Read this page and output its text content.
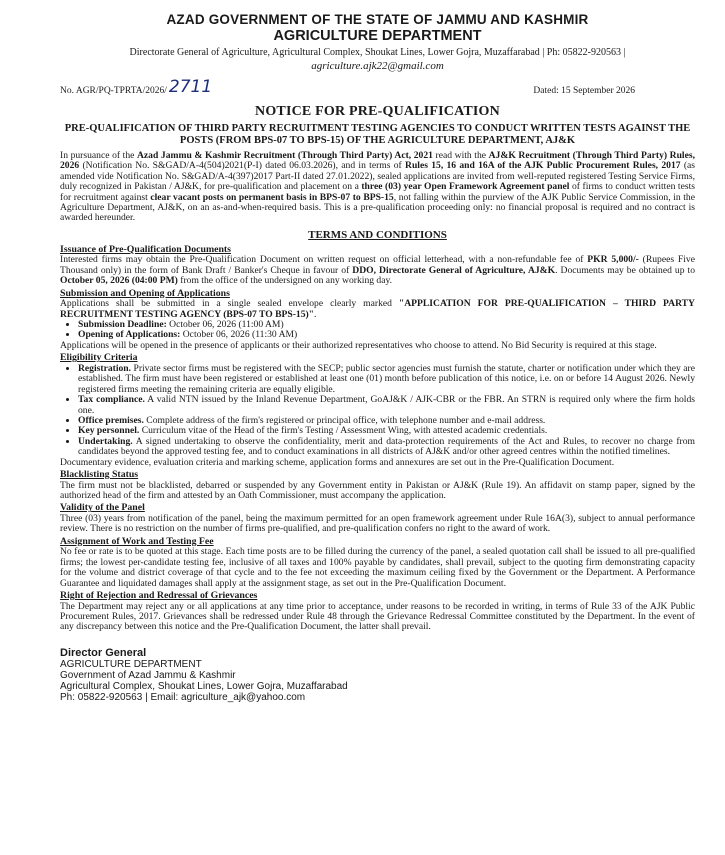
AZAD GOVERNMENT OF THE STATE OF JAMMU AND KASHMIR
AGRICULTURE DEPARTMENT
Directorate General of Agriculture, Agricultural Complex, Shoukat Lines, Lower Gojra, Muzaffarabad | Ph: 05822-920563 |
agriculture.ajk22@gmail.com
No. AGR/PQ-TPRTA/2026/ 2711	Dated: 15 September 2026
NOTICE FOR PRE-QUALIFICATION
PRE-QUALIFICATION OF THIRD PARTY RECRUITMENT TESTING AGENCIES TO CONDUCT WRITTEN TESTS AGAINST THE POSTS (FROM BPS-07 TO BPS-15) OF THE AGRICULTURE DEPARTMENT, AJ&K

In pursuance of the Azad Jammu & Kashmir Recruitment (Through Third Party) Act, 2021 read with the AJ&K Recruitment (Through Third Party) Rules, 2026 (Notification No. S&GAD/A-4(504)2021(P-I) dated 06.03.2026), and in terms of Rules 15, 16 and 16A of the AJK Public Procurement Rules, 2017 (as amended vide Notification No. S&GAD/A-4(397)2017 Part-II dated 27.01.2022), sealed applications are invited from well-reputed registered Testing Service Firms, duly recognized in Pakistan / AJ&K, for pre-qualification and placement on a three (03) year Open Framework Agreement panel of firms to conduct written tests for recruitment against clear vacant posts on permanent basis in BPS-07 to BPS-15, not falling within the purview of the AJK Public Service Commission, in the Agriculture Department, AJ&K, on an as-and-when-required basis. This is a pre-qualification proceeding only: no financial proposal is required and no contract is awarded hereunder.

TERMS AND CONDITIONS
Issuance of Pre-Qualification Documents

Interested firms may obtain the Pre-Qualification Document on written request on official letterhead, with a non-refundable fee of PKR 5,000/- (Rupees Five Thousand only) in the form of Bank Draft / Banker's Cheque in favour of DDO, Directorate General of Agriculture, AJ&K. Documents may be obtained up to October 05, 2026 (04:00 PM) from the office of the undersigned on any working day.

Submission and Opening of Applications

Applications shall be submitted in a single sealed envelope clearly marked "APPLICATION FOR PRE-QUALIFICATION – THIRD PARTY RECRUITMENT TESTING AGENCY (BPS-07 TO BPS-15)".

• Submission Deadline: October 06, 2026 (11:00 AM)
• Opening of Applications: October 06, 2026 (11:30 AM)

Applications will be opened in the presence of applicants or their authorized representatives who choose to attend. No Bid Security is required at this stage.

Eligibility Criteria
• Registration. Private sector firms must be registered with the SECP; public sector agencies must furnish the statute, charter or notification under which they are established. The firm must have been registered or established at least one (01) month before publication of this notice, i.e. on or before 14 August 2026. Newly registered firms meeting the remaining criteria are equally eligible.
• Tax compliance. A valid NTN issued by the Inland Revenue Department, GoAJ&K / AJK-CBR or the FBR. An STRN is required only where the firm holds one.
• Office premises. Complete address of the firm's registered or principal office, with telephone number and e-mail address.
• Key personnel. Curriculum vitae of the Head of the firm's Testing / Assessment Wing, with attested academic credentials.
• Undertaking. A signed undertaking to observe the confidentiality, merit and data-protection requirements of the Act and Rules, to recover no charge from candidates beyond the approved testing fee, and to conduct examinations in all districts of AJ&K and/or other agreed centres within the notified timelines.

Documentary evidence, evaluation criteria and marking scheme, application forms and annexures are set out in the Pre-Qualification Document.

Blacklisting Status

The firm must not be blacklisted, debarred or suspended by any Government entity in Pakistan or AJ&K (Rule 19). An affidavit on stamp paper, signed by the authorized head of the firm and attested by an Oath Commissioner, must accompany the application.

Validity of the Panel

Three (03) years from notification of the panel, being the maximum permitted for an open framework agreement under Rule 16A(3), subject to annual performance review. There is no restriction on the number of firms pre-qualified, and pre-qualification confers no right to the award of work.

Assignment of Work and Testing Fee

No fee or rate is to be quoted at this stage. Each time posts are to be filled during the currency of the panel, a sealed quotation call shall be issued to all pre-qualified firms; the lowest per-candidate testing fee, inclusive of all taxes and 100% payable by candidates, shall prevail, subject to the quoting firm demonstrating capacity for the volume and district coverage of that cycle and to the fee not exceeding the maximum ceiling fixed by the Government or the Department. A Performance Guarantee and liquidated damages shall apply at the assignment stage, as set out in the Pre-Qualification Document.

Right of Rejection and Redressal of Grievances

The Department may reject any or all applications at any time prior to acceptance, under reasons to be recorded in writing, in terms of Rule 33 of the AJK Public Procurement Rules, 2017. Grievances shall be redressed under Rule 48 through the Grievance Redressal Committee constituted by the Department. In the event of any discrepancy between this notice and the Pre-Qualification Document, the latter shall prevail.

Director General
AGRICULTURE DEPARTMENT
Government of Azad Jammu & Kashmir
Agricultural Complex, Shoukat Lines, Lower Gojra, Muzaffarabad
Ph: 05822-920563 | Email: agriculture_ajk@yahoo.com
